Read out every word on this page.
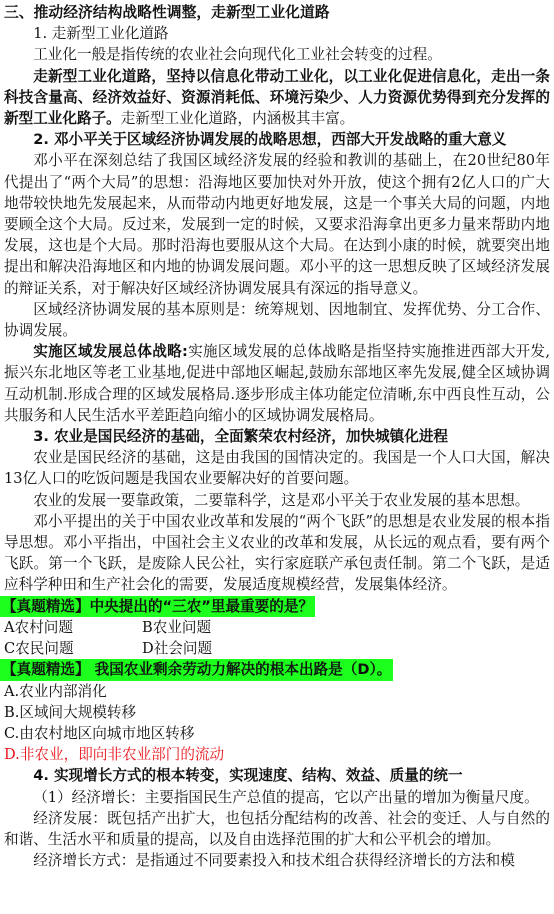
三、推动经济结构战略性调整，走新型工业化道路

1. 走新型工业化道路

工业化一般是指传统的农业社会向现代化工业社会转变的过程。

走新型工业化道路，坚持以信息化带动工业化，以工业化促进信息化，走出一条科技含量高、经济效益好、资源消耗低、环境污染少、人力资源优势得到充分发挥的新型工业化路子。走新型工业化道路，内涵极其丰富。

2. 邓小平关于区域经济协调发展的战略思想，西部大开发战略的重大意义

邓小平在深刻总结了我国区域经济发展的经验和教训的基础上，在20世纪80年代提出了“两个大局”的思想：沿海地区要加快对外开放，使这个拥有2亿人口的广大地带较快地先发展起来，从而带动内地更好地发展，这是一个事关大局的问题，内地要顾全这个大局。反过来，发展到一定的时候，又要求沿海拿出更多力量来帮助内地发展，这也是个大局。那时沿海也要服从这个大局。在达到小康的时候，就要突出地提出和解决沿海地区和内地的协调发展问题。邓小平的这一思想反映了区域经济发展的辩证关系，对于解决好区域经济协调发展具有深远的指导意义。

区域经济协调发展的基本原则是：统筹规划、因地制宜、发挥优势、分工合作、协调发展。

实施区域发展总体战略:实施区域发展的总体战略是指坚持实施推进西部大开发,振兴东北地区等老工业基地,促进中部地区崛起,鼓励东部地区率先发展,健全区域协调互动机制.形成合理的区域发展格局.逐步形成主体功能定位清晰,东中西良性互动，公共服务和人民生活水平差距趋向缩小的区域协调发展格局。

3. 农业是国民经济的基础，全面繁荣农村经济，加快城镇化进程

农业是国民经济的基础，这是由我国的国情决定的。我国是一个人口大国，解决13亿人口的吃饭问题是我国农业要解决好的首要问题。

农业的发展一要靠政策，二要靠科学，这是邓小平关于农业发展的基本思想。

邓小平提出的关于中国农业改革和发展的“两个飞跃”的思想是农业发展的根本指导思想。邓小平指出，中国社会主义农业的改革和发展，从长远的观点看，要有两个飞跃。第一个飞跃，是废除人民公社，实行家庭联产承包责任制。第二个飞跃，是适应科学种田和生产社会化的需要，发展适度规模经营，发展集体经济。

【真题精选】中央提出的“三农”里最重要的是？

A农村问题	B农业问题
C农民问题	D社会问题

【真题精选】 我国农业剩余劳动力解决的根本出路是（D）。

A.农业内部消化

B.区域间大规模转移

C.由农村地区向城市地区转移

D.非农业，即向非农业部门的流动

4. 实现增长方式的根本转变，实现速度、结构、效益、质量的统一

（1）经济增长：主要指国民生产总值的提高，它以产出量的增加为衡量尺度。

经济发展：既包括产出扩大，也包括分配结构的改善、社会的变迁、人与自然的和谐、生活水平和质量的提高，以及自由选择范围的扩大和公平机会的增加。

经济增长方式：是指通过不同要素投入和技术组合获得经济增长的方法和模
